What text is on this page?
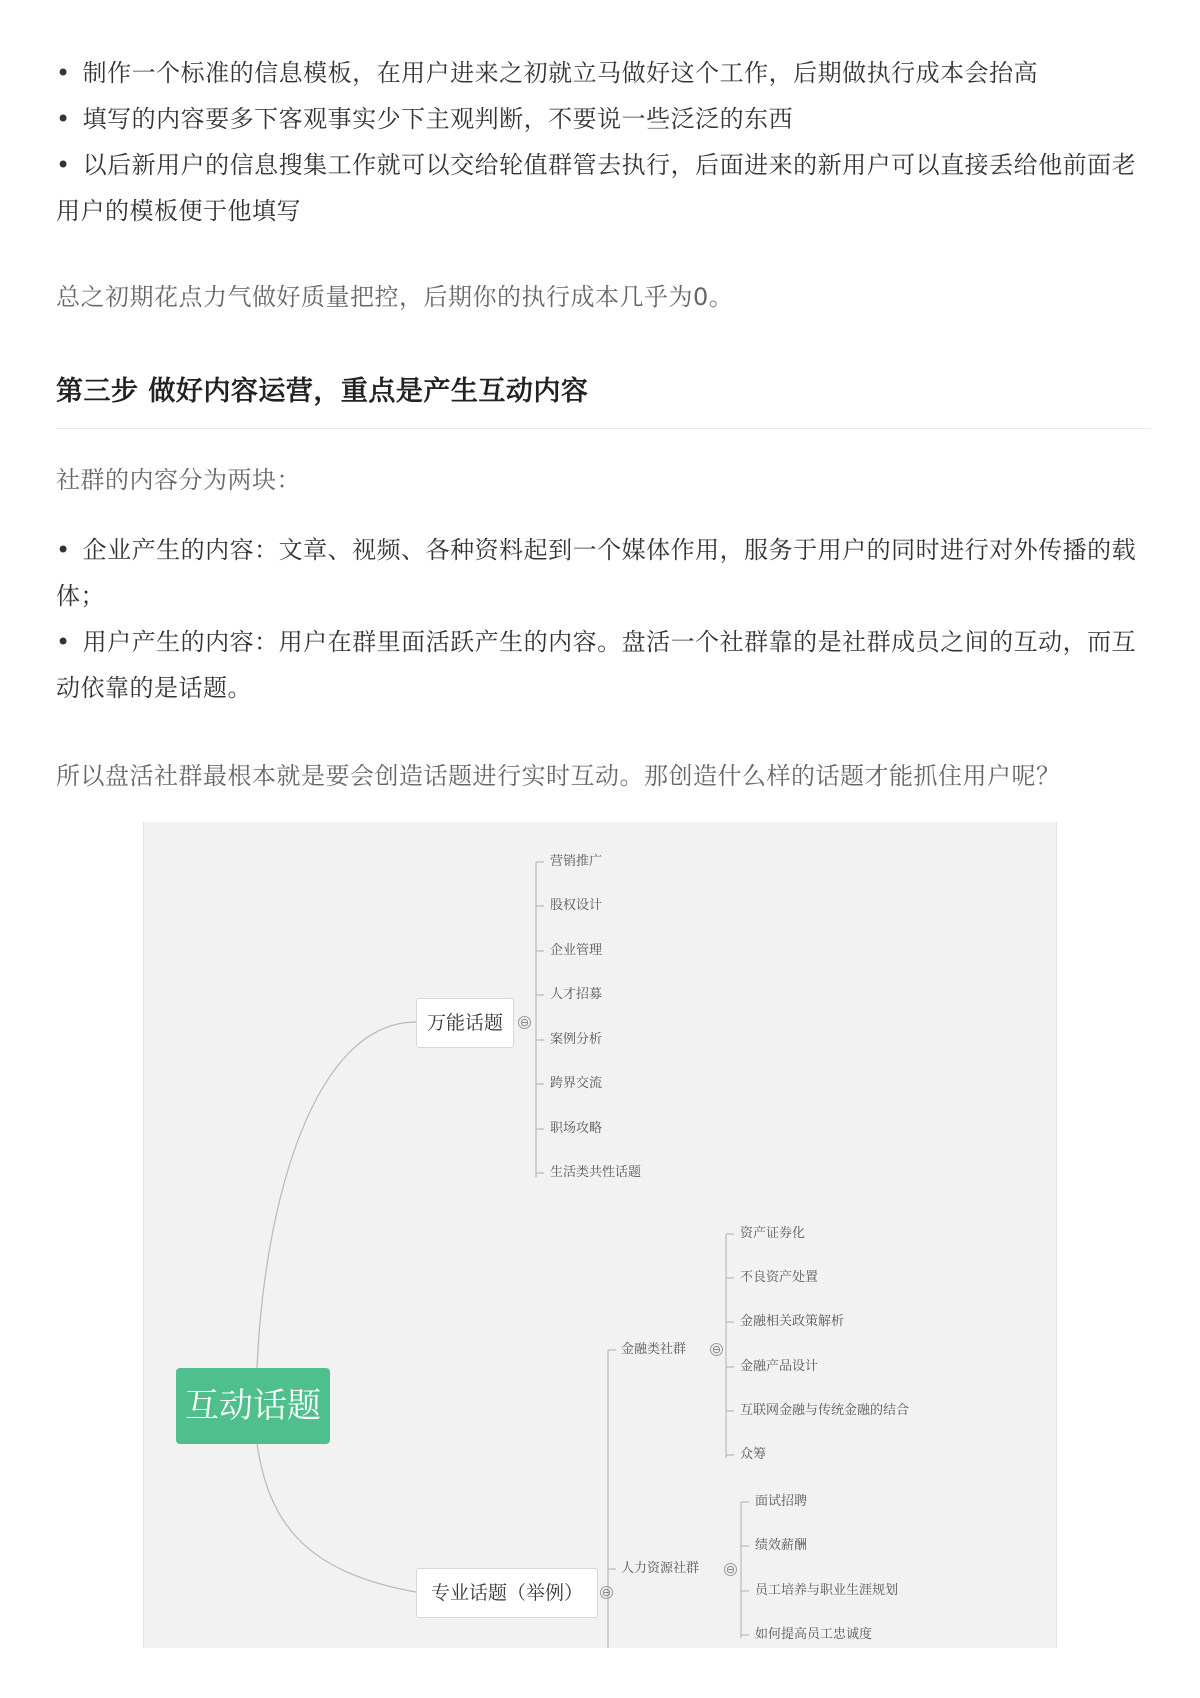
• 制作一个标准的信息模板，在用户进来之初就立马做好这个工作，后期做执行成本会抬高

• 填写的内容要多下客观事实少下主观判断，不要说一些泛泛的东西

• 以后新用户的信息搜集工作就可以交给轮值群管去执行，后面进来的新用户可以直接丢给他前面老用户的模板便于他填写

总之初期花点力气做好质量把控，后期你的执行成本几乎为0。
第三步 做好内容运营，重点是产生互动内容
社群的内容分为两块：

• 企业产生的内容：文章、视频、各种资料起到一个媒体作用，服务于用户的同时进行对外传播的载体；

• 用户产生的内容：用户在群里面活跃产生的内容。盘活一个社群靠的是社群成员之间的互动，而互动依靠的是话题。

所以盘活社群最根本就是要会创造话题进行实时互动。那创造什么样的话题才能抓住用户呢？
互动话题
万能话题	⊖
营销推广
股权设计
企业管理
人才招募
案例分析
跨界交流
职场攻略
生活类共性话题
专业话题（举例）	⊖
金融类社群 ⊖
资产证券化
不良资产处置
金融相关政策解析
金融产品设计
互联网金融与传统金融的结合
众筹
人力资源社群 ⊖
面试招聘
绩效薪酬
员工培养与职业生涯规划
如何提高员工忠诚度
